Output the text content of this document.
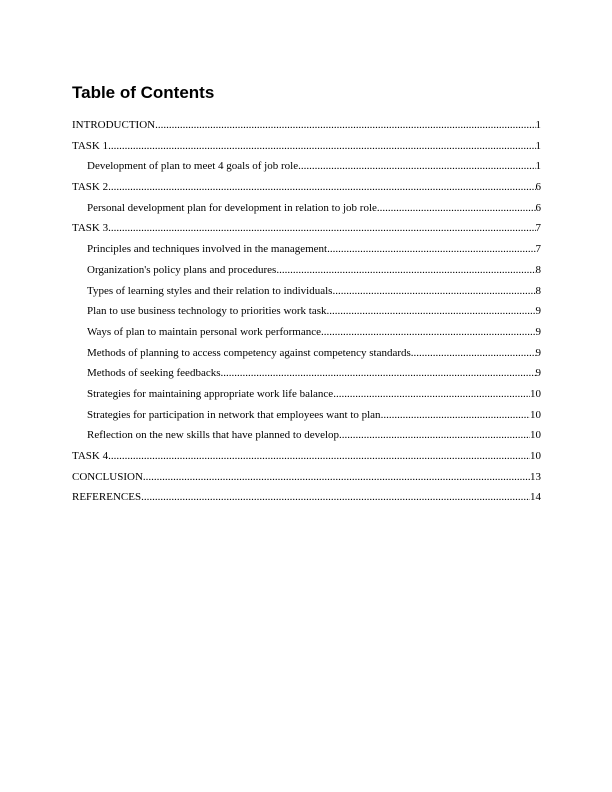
Table of Contents
INTRODUCTION .....	1
TASK 1 .....	1
Development of plan to meet 4 goals of job role .....	1
TASK 2 .....	6
Personal development plan for development in relation to job role .....	6
TASK 3 .....	7
Principles and techniques involved in the management .....	7
Organization's policy plans and procedures .....	8
Types of learning styles and their relation to individuals .....	8
Plan to use business technology to priorities work task .....	9
Ways of plan to maintain personal work performance .....	9
Methods of planning to access competency against competency standards .....	9
Methods of seeking feedbacks .....	9
Strategies for maintaining appropriate work life balance .....	10
Strategies for participation in network that employees want to plan .....	10
Reflection on the new skills that have planned to develop .....	10
TASK 4 .....	10
CONCLUSION .....	13
REFERENCES .....	14
